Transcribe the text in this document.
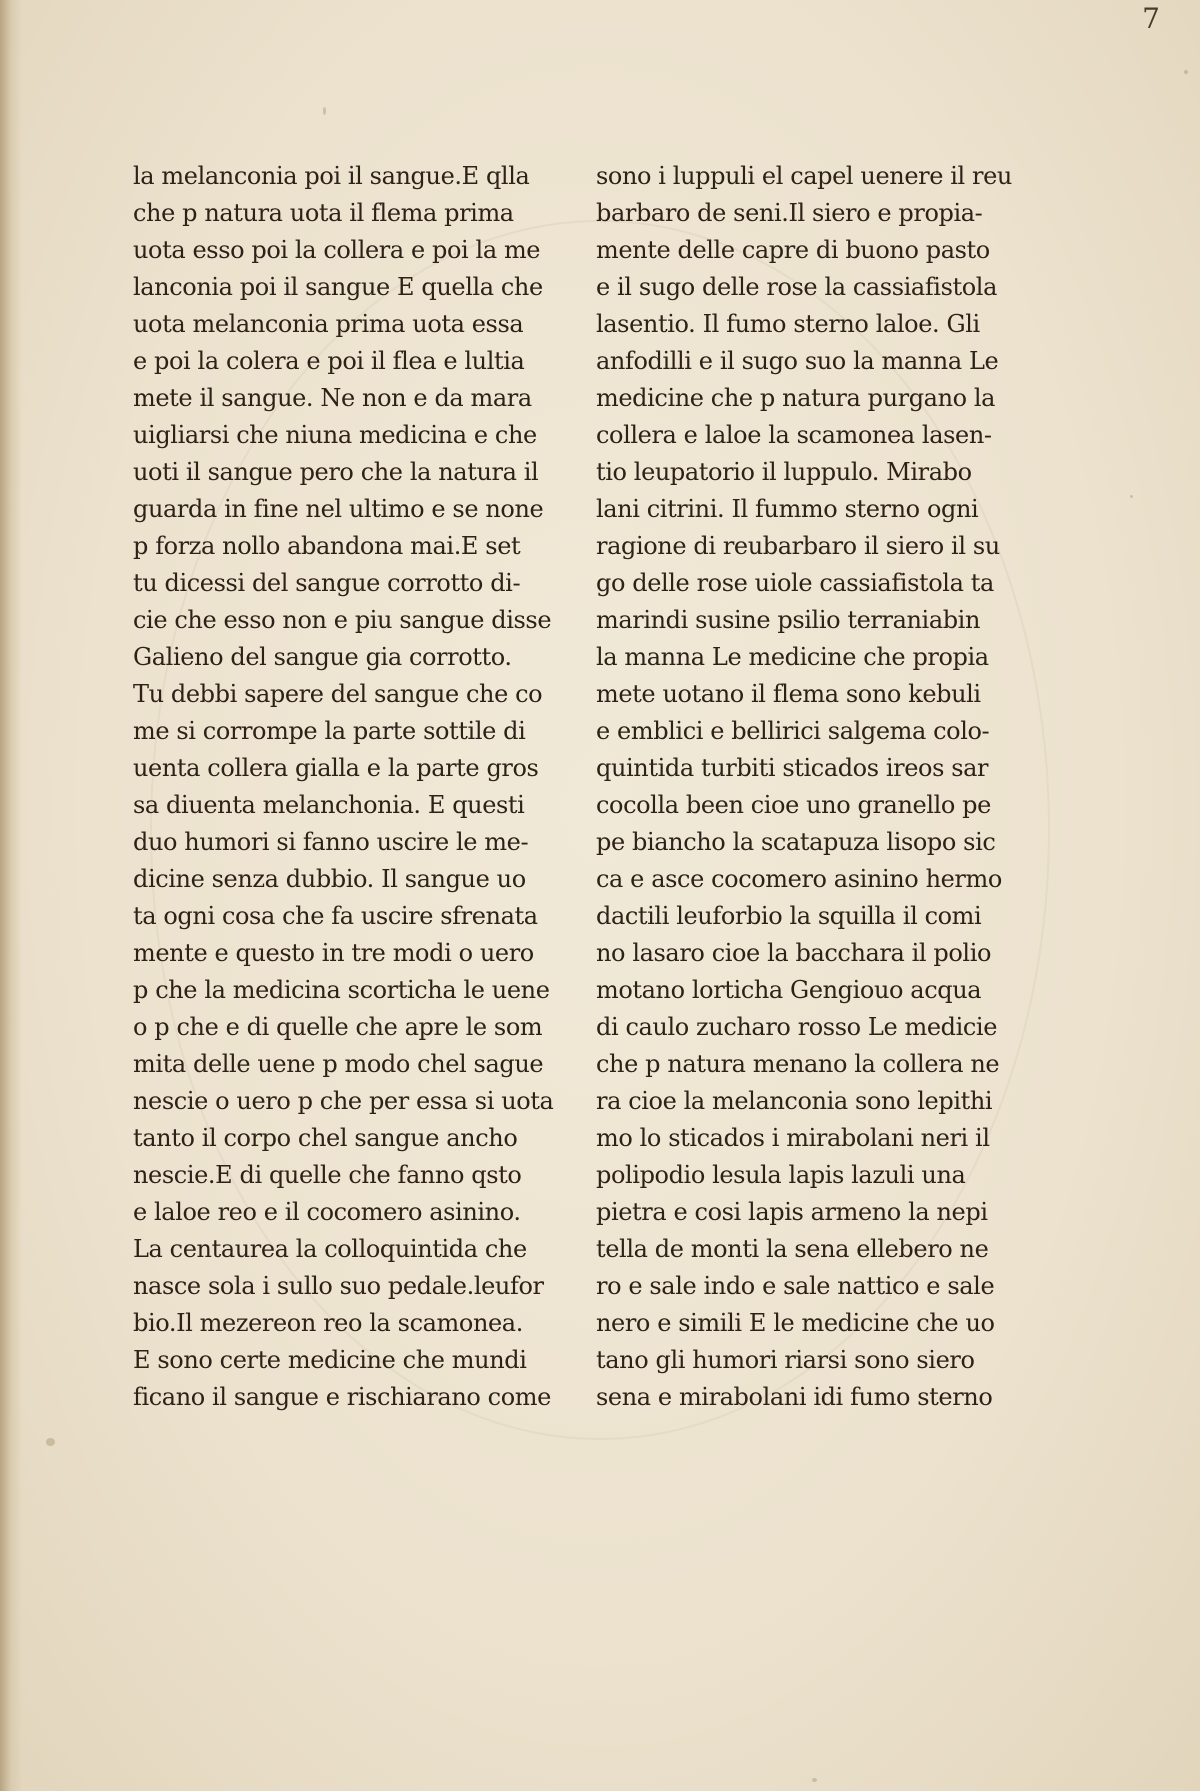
7
la melanconia poi il sangue.E qlla
che p natura uota il flema prima
uota esso poi la collera e poi la me
lanconia poi il sangue E quella che
uota melanconia prima uota essa
e poi la colera e poi il flea e lultia
mete il sangue. Ne non e da mara
uigliarsi che niuna medicina e che
uoti il sangue pero che la natura il
guarda in fine nel ultimo e se none
p forza nollo abandona mai.E set
tu dicessi del sangue corrotto di-
cie che esso non e piu sangue disse
Galieno del sangue gia corrotto.
Tu debbi sapere del sangue che co
me si corrompe la parte sottile di
uenta collera gialla e la parte gros
sa diuenta melanchonia. E questi
duo humori si fanno uscire le me-
dicine senza dubbio. Il sangue uo
ta ogni cosa che fa uscire sfrenata
mente e questo in tre modi o uero
p che la medicina scorticha le uene
o p che e di quelle che apre le som
mita delle uene p modo chel sague
nescie o uero p che per essa si uota
tanto il corpo chel sangue ancho
nescie.E di quelle che fanno qsto
e laloe reo e il cocomero asinino.
La centaurea la colloquintida che
nasce sola i sullo suo pedale.leufor
bio.Il mezereon reo la scamonea.
E sono certe medicine che mundi
ficano il sangue e rischiarano come
sono i luppuli el capel uenere il reu
barbaro de seni.Il siero e propia-
mente delle capre di buono pasto
e il sugo delle rose la cassiafistola
lasentio. Il fumo sterno laloe. Gli
anfodilli e il sugo suo la manna Le
medicine che p natura purgano la
collera e laloe la scamonea lasen-
tio leupatorio il luppulo. Mirabo
lani citrini. Il fummo sterno ogni
ragione di reubarbaro il siero il su
go delle rose uiole cassiafistola ta
marindi susine psilio terraniabin
la manna Le medicine che propia
mete uotano il flema sono kebuli
e emblici e bellirici salgema colo-
quintida turbiti sticados ireos sar
cocolla been cioe uno granello pe
pe biancho la scatapuza lisopo sic
ca e asce cocomero asinino hermo
dactili leuforbio la squilla il comi
no lasaro cioe la bacchara il polio
motano lorticha Gengiouo acqua
di caulo zucharo rosso Le medicie
che p natura menano la collera ne
ra cioe la melanconia sono lepithi
mo lo sticados i mirabolani neri il
polipodio lesula lapis lazuli una
pietra e cosi lapis armeno la nepi
tella de monti la sena ellebero ne
ro e sale indo e sale nattico e sale
nero e simili E le medicine che uo
tano gli humori riarsi sono siero
sena e mirabolani idi fumo sterno
